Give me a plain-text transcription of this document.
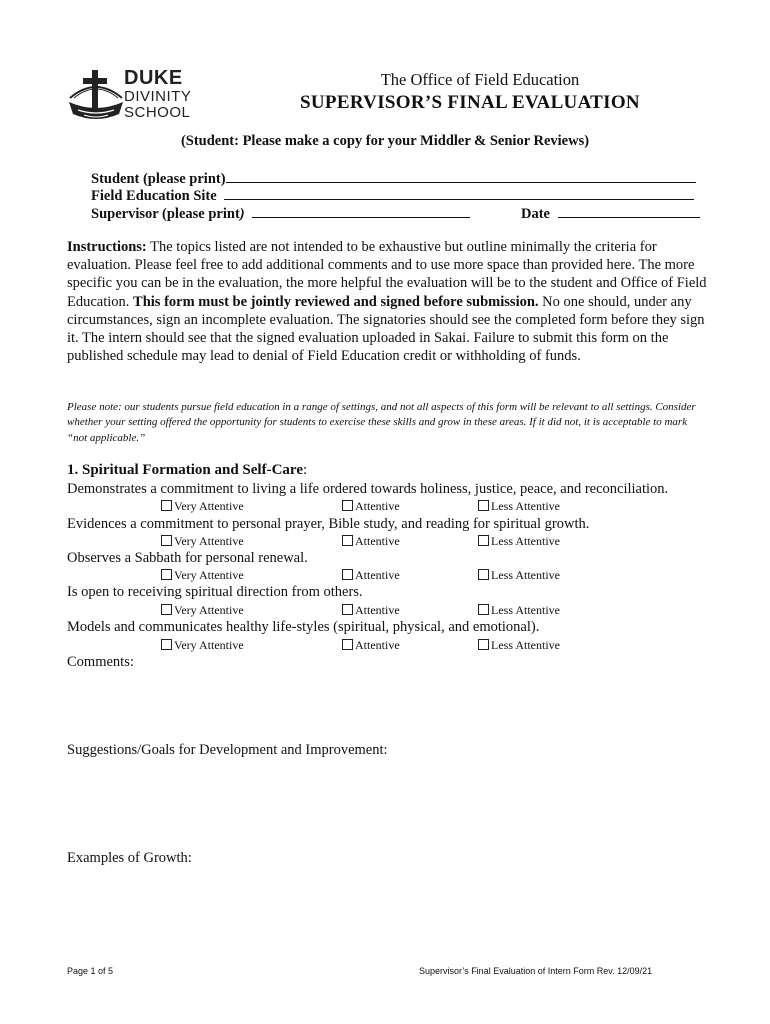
DUKE
DIVINITY
SCHOOL
The Office of Field Education
SUPERVISOR’S FINAL EVALUATION
(Student: Please make a copy for your Middler & Senior Reviews)
Student (please print)
Field Education Site
Supervisor (please print)	Date
Instructions: The topics listed are not intended to be exhaustive but outline minimally the criteria for evaluation. Please feel free to add additional comments and to use more space than provided here. The more specific you can be in the evaluation, the more helpful the evaluation will be to the student and Office of Field Education. This form must be jointly reviewed and signed before submission. No one should, under any circumstances, sign an incomplete evaluation. The signatories should see the completed form before they sign it. The intern should see that the signed evaluation uploaded in Sakai. Failure to submit this form on the published schedule may lead to denial of Field Education credit or withholding of funds.
Please note: our students pursue field education in a range of settings, and not all aspects of this form will be relevant to all settings. Consider whether your setting offered the opportunity for students to exercise these skills and grow in these areas. If it did not, it is acceptable to mark “not applicable.”
1. Spiritual Formation and Self-Care:
Demonstrates a commitment to living a life ordered towards holiness, justice, peace, and reconciliation.
Very Attentive	Attentive	Less Attentive
Evidences a commitment to personal prayer, Bible study, and reading for spiritual growth.
Very Attentive	Attentive	Less Attentive
Observes a Sabbath for personal renewal.
Very Attentive	Attentive	Less Attentive
Is open to receiving spiritual direction from others.
Very Attentive	Attentive	Less Attentive
Models and communicates healthy life-styles (spiritual, physical, and emotional).
Very Attentive	Attentive	Less Attentive
Comments:
Suggestions/Goals for Development and Improvement:
Examples of Growth:
Page 1 of 5	Supervisor’s Final Evaluation of Intern Form Rev. 12/09/21
